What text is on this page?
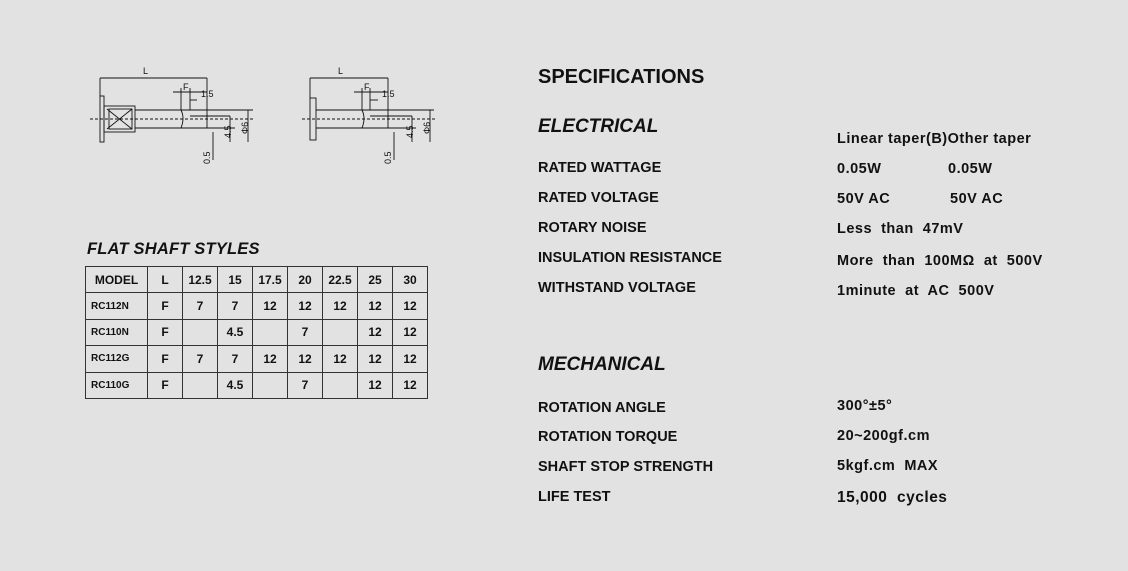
L
F
1.5
4.5 Φ6
0.5
L
F
1.5
4.5 Φ6
0.5
FLAT SHAFT STYLES
MODEL	L	12.5	15	17.5	20	22.5	25	30
RC112N	F	7	7	12	12	12	12	12
RC110N	F		4.5		7		12	12
RC112G	F	7	7	12	12	12	12	12
RC110G	F		4.5		7		12	12
SPECIFICATIONS
ELECTRICAL
Linear taper(B)Other taper
RATED WATTAGE	0.05W	0.05W
RATED VOLTAGE	50V AC	50V AC
ROTARY NOISE	Less  than  47mV
INSULATION RESISTANCE	More  than  100MΩ  at  500V
WITHSTAND VOLTAGE	1minute  at  AC  500V
MECHANICAL
ROTATION ANGLE	300°±5°
ROTATION TORQUE	20~200gf.cm
SHAFT STOP STRENGTH	5kgf.cm  MAX
LIFE TEST	15,000  cycles
